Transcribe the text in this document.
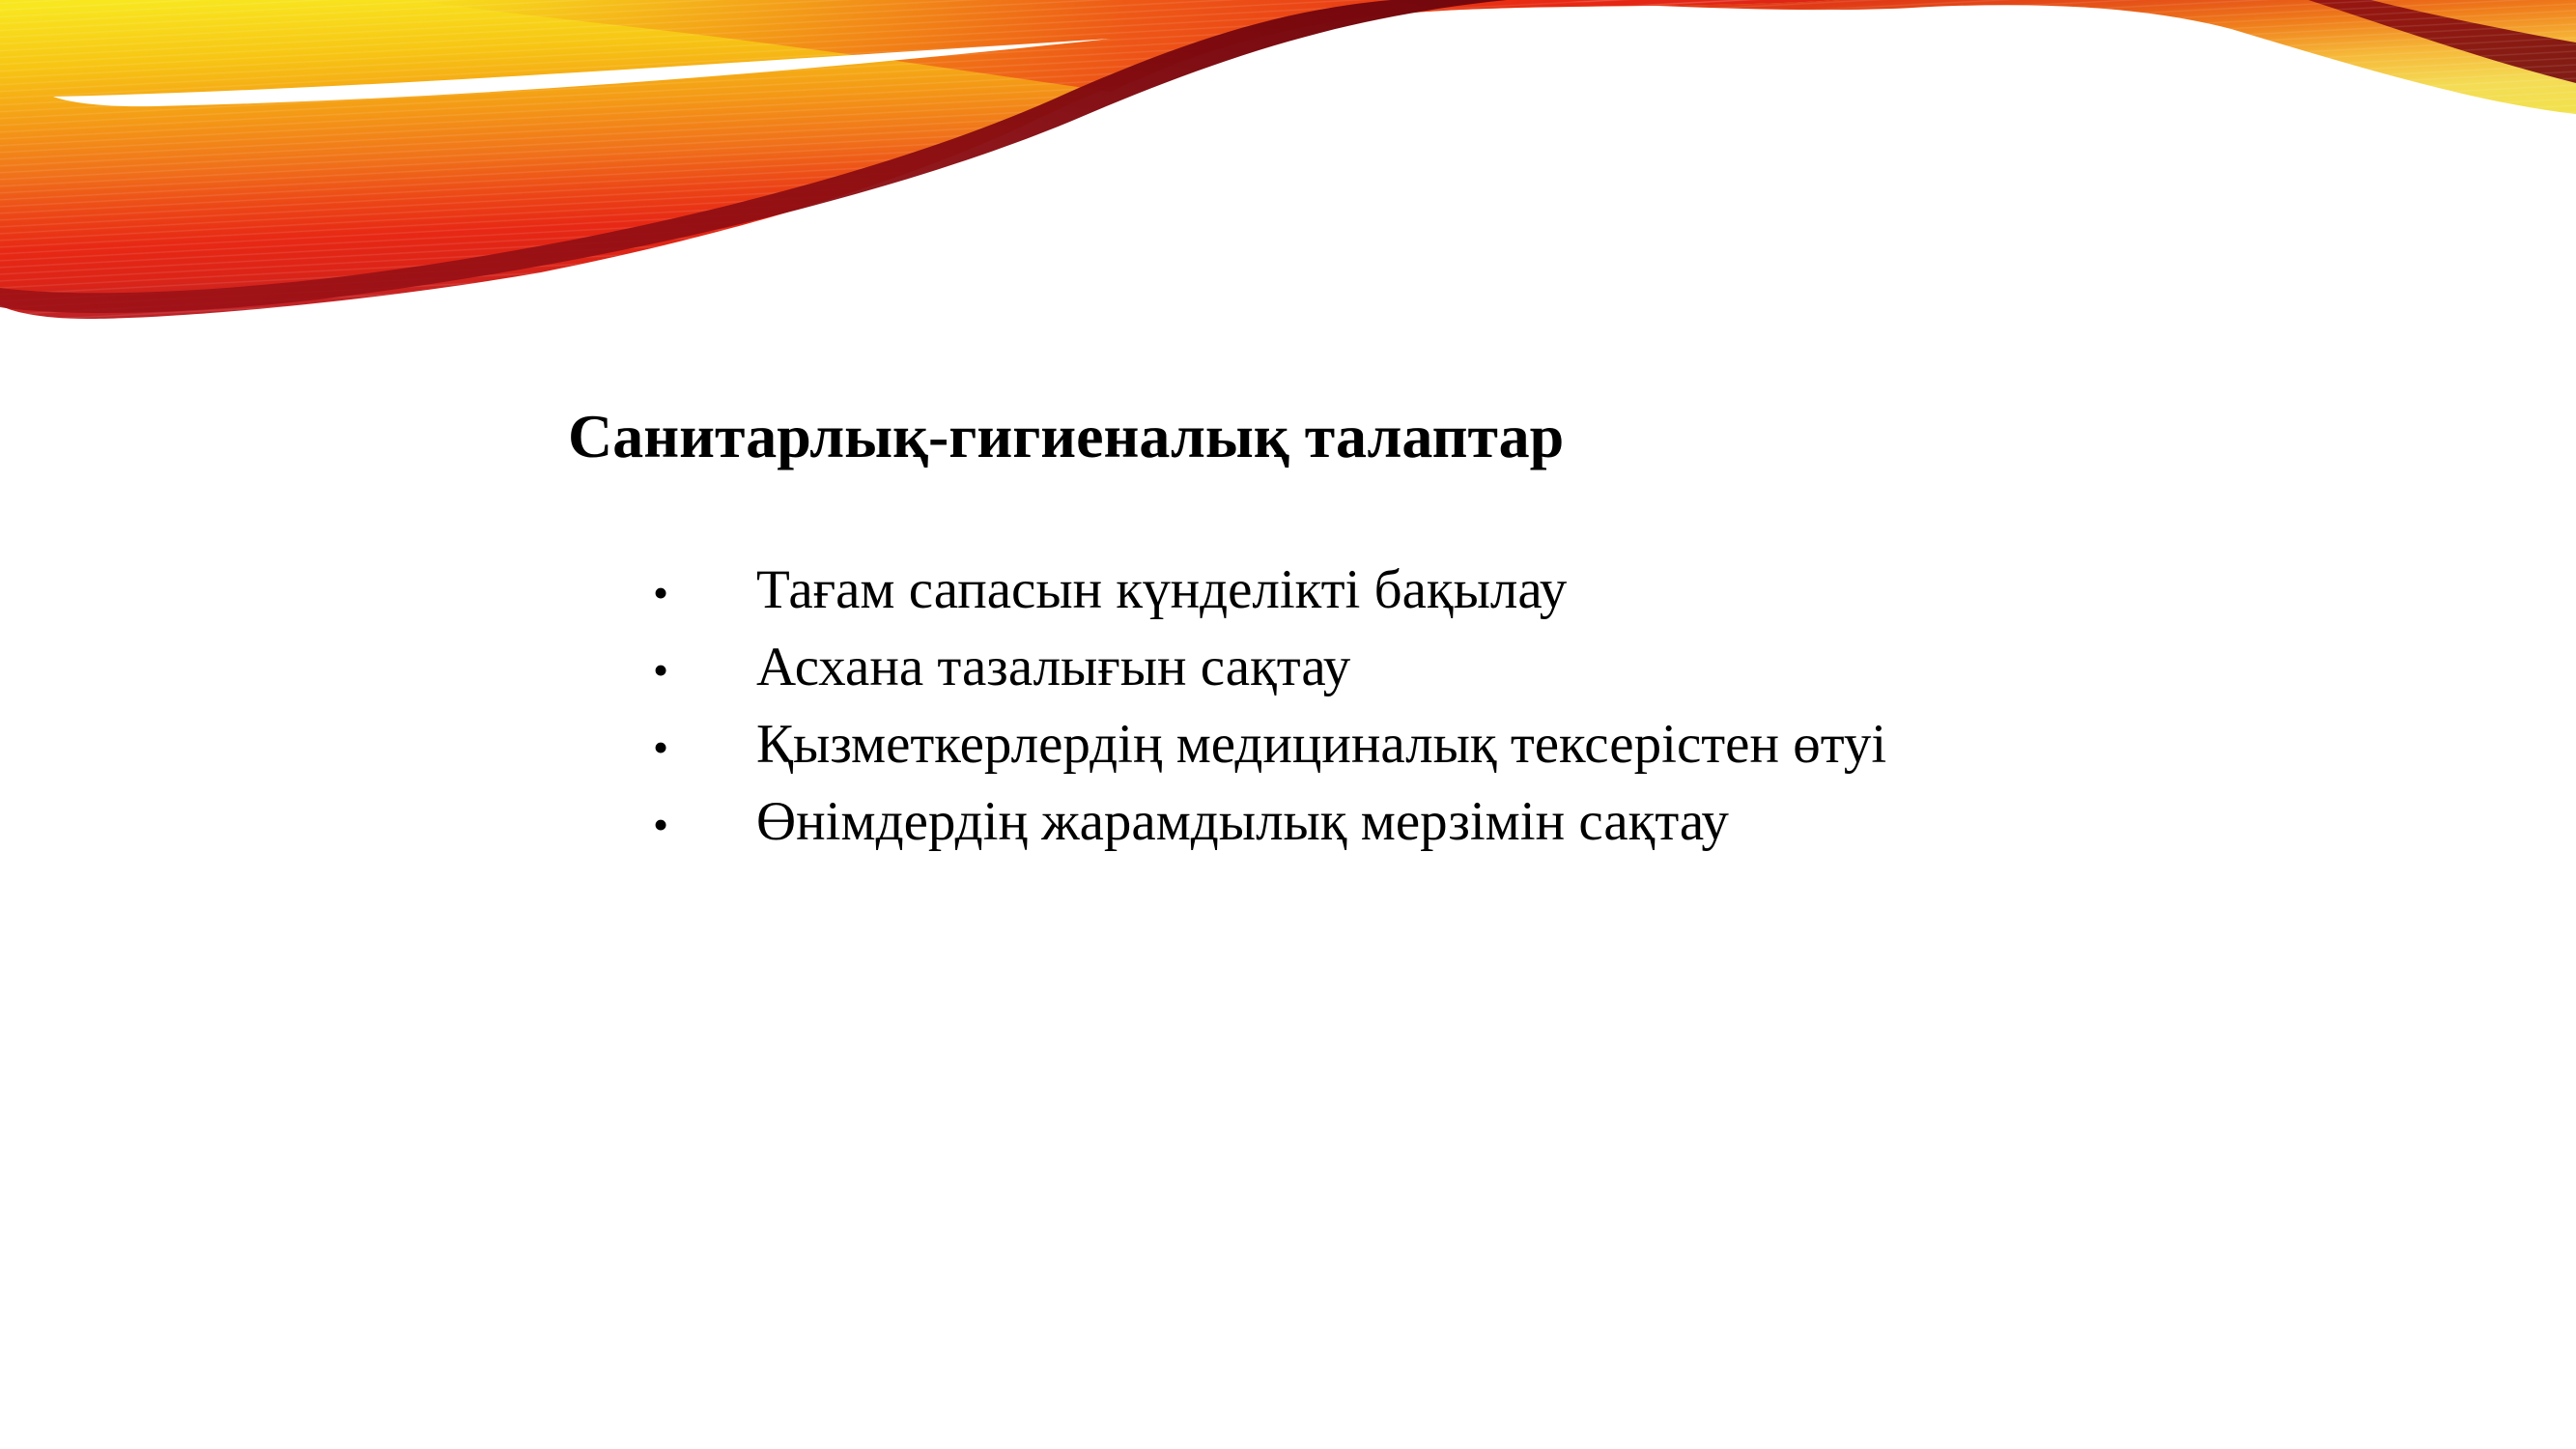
Санитарлық-гигиеналық талаптар
•	Тағам сапасын күнделікті бақылау
•	Асхана тазалығын сақтау
•	Қызметкерлердің медициналық тексерістен өтуі
•	Өнімдердің жарамдылық мерзімін сақтау
